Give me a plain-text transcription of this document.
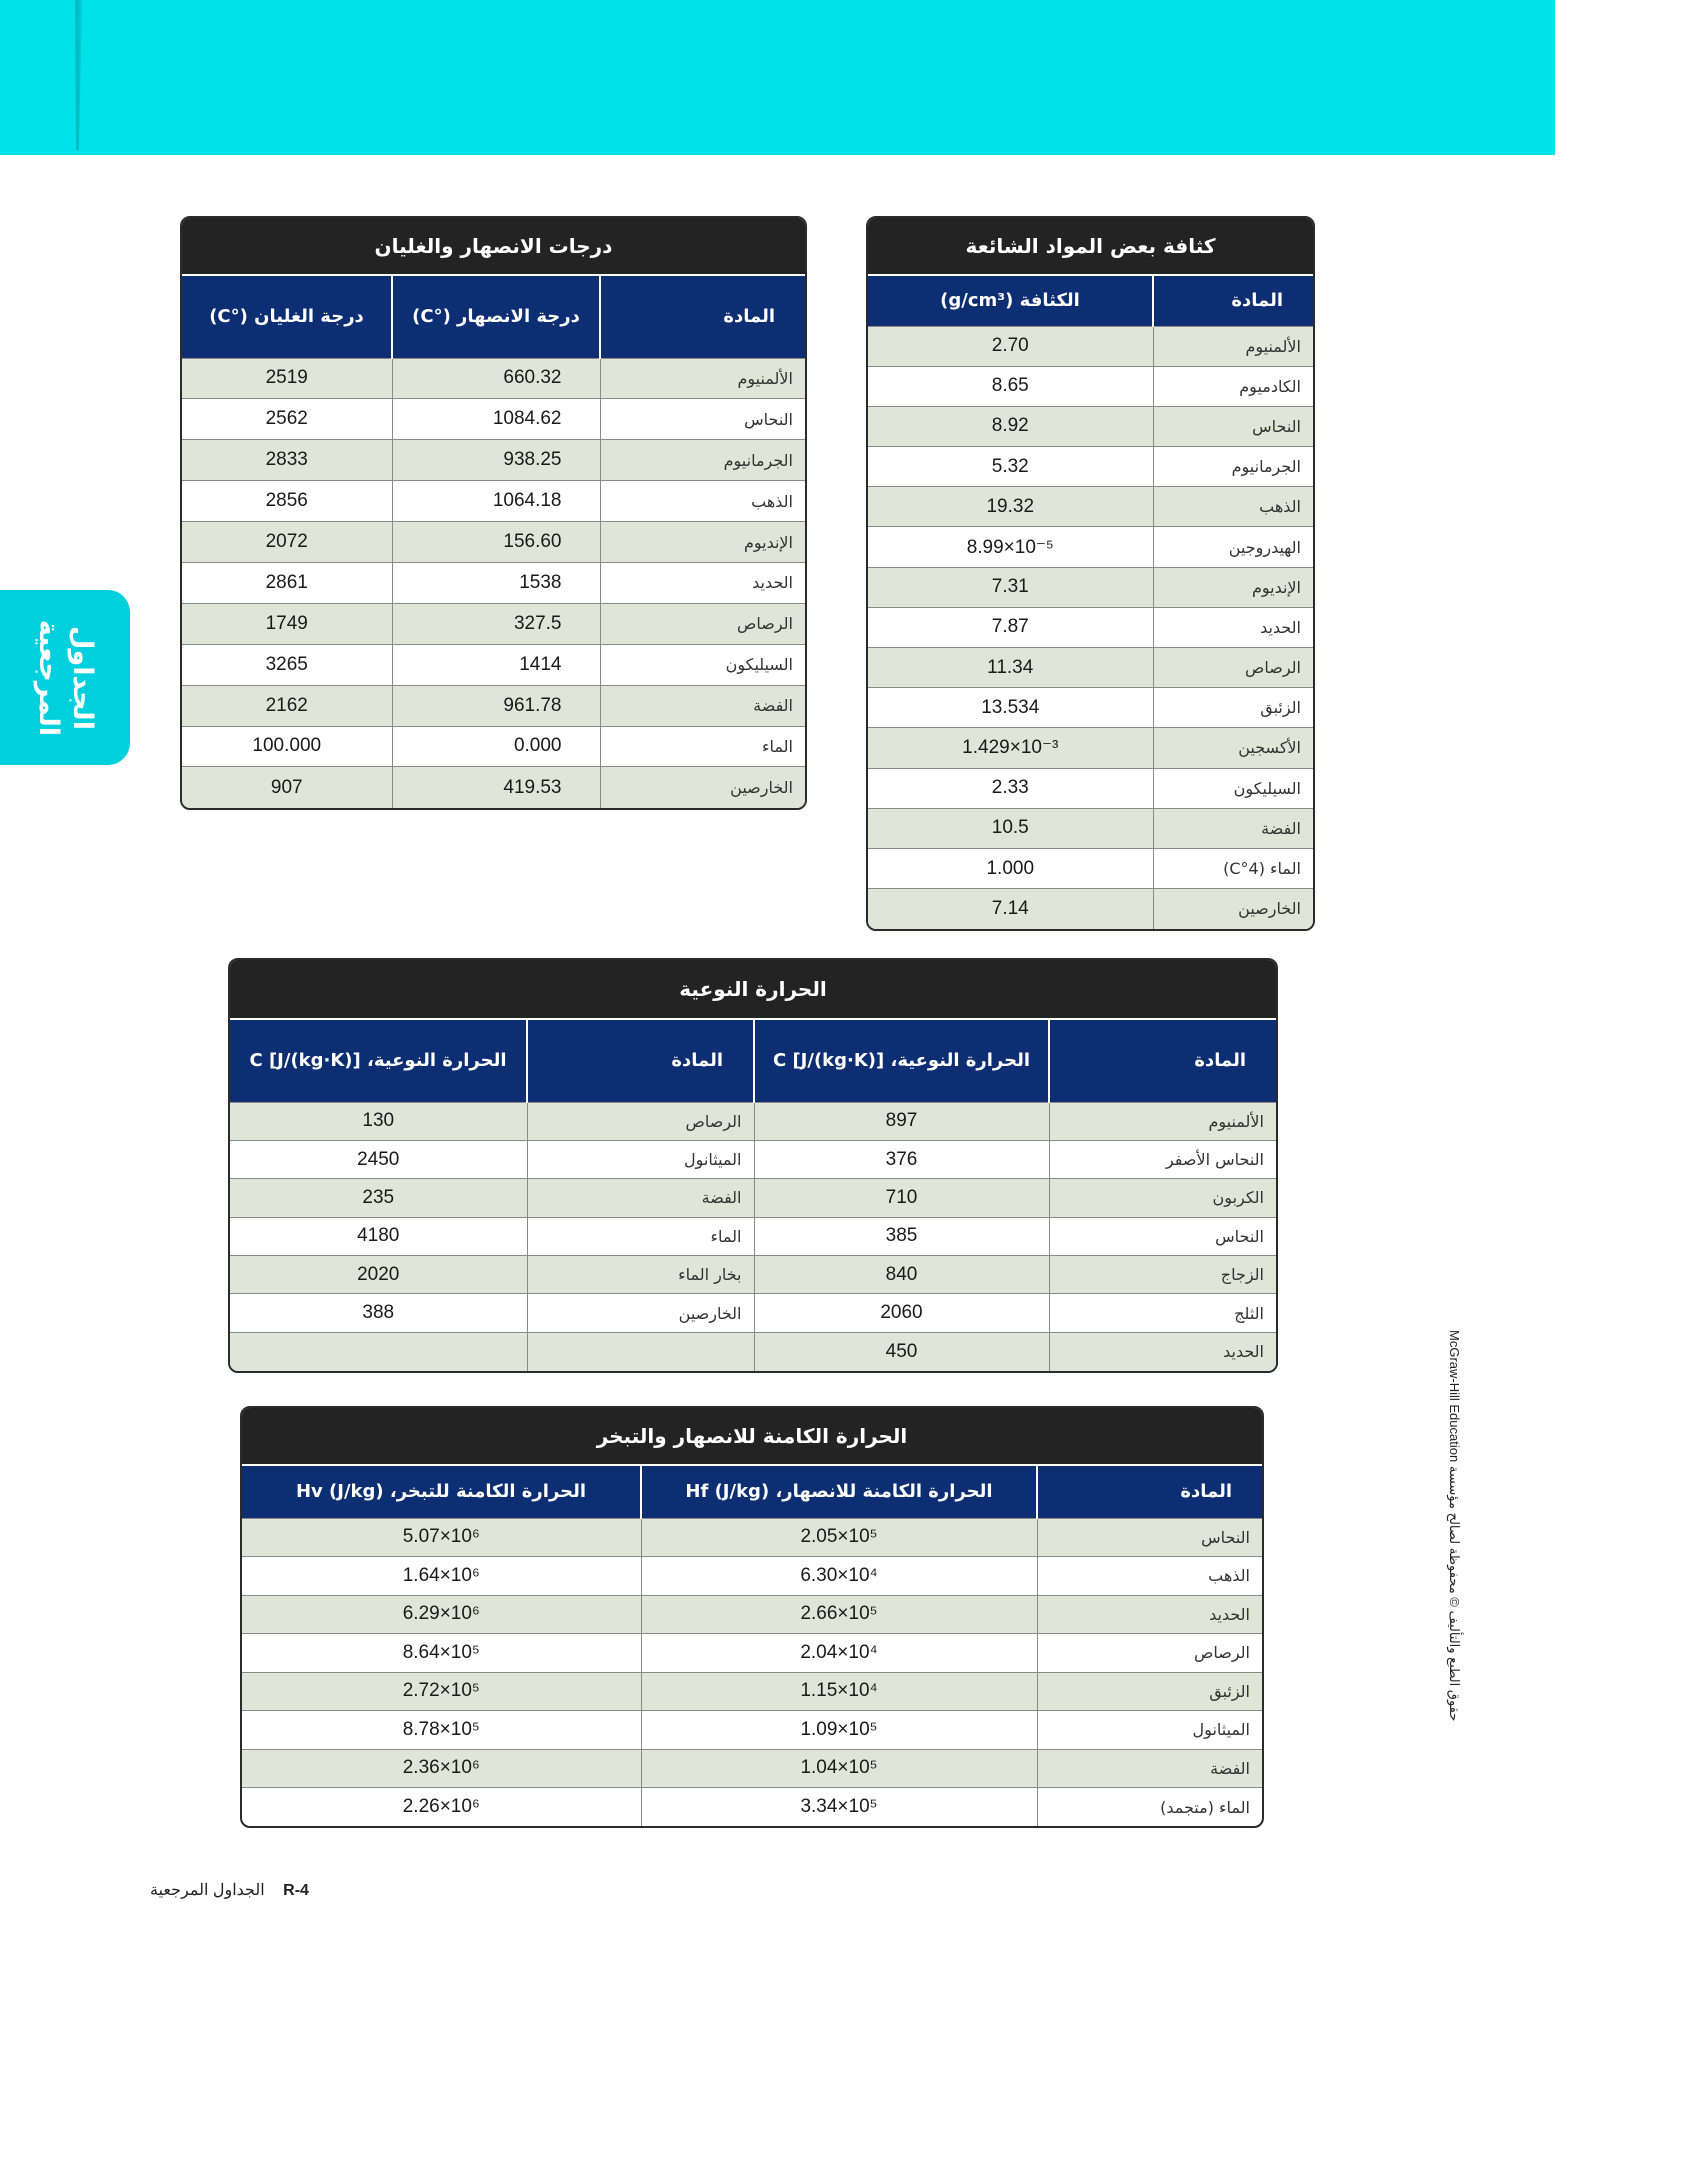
الجداول
المرجعية
حقوق الطبع والتأليف © محفوظة لصالح مؤسسة McGraw-Hill Education
R-4 الجداول المرجعية
كثافة بعض المواد الشائعة
المادة	الكثافة (g/cm³)
الألمنيوم	2.70
الكادميوم	8.65
النحاس	8.92
الجرمانيوم	5.32
الذهب	19.32
الهيدروجين	8.99×10⁻⁵
الإنديوم	7.31
الحديد	7.87
الرصاص	11.34
الزئبق	13.534
الأكسجين	1.429×10⁻³
السيليكون	2.33
الفضة	10.5
الماء (4°C)	1.000
الخارصين	7.14
درجات الانصهار والغليان
المادة	درجة الانصهار (°C)	درجة الغليان (°C)
الألمنيوم	660.32	2519
النحاس	1084.62	2562
الجرمانيوم	938.25	2833
الذهب	1064.18	2856
الإنديوم	156.60	2072
الحديد	1538	2861
الرصاص	327.5	1749
السيليكون	1414	3265
الفضة	961.78	2162
الماء	0.000	100.000
الخارصين	419.53	907
الحرارة النوعية
المادة	الحرارة النوعية، C [J/(kg·K)]	المادة	الحرارة النوعية، C [J/(kg·K)]
الألمنيوم	897	الرصاص	130
النحاس الأصفر	376	الميثانول	2450
الكربون	710	الفضة	235
النحاس	385	الماء	4180
الزجاج	840	بخار الماء	2020
الثلج	2060	الخارصين	388
الحديد	450		
الحرارة الكامنة للانصهار والتبخر
المادة	الحرارة الكامنة للانصهار، Hf (J/kg)	الحرارة الكامنة للتبخر، Hv (J/kg)
النحاس	2.05×10⁵	5.07×10⁶
الذهب	6.30×10⁴	1.64×10⁶
الحديد	2.66×10⁵	6.29×10⁶
الرصاص	2.04×10⁴	8.64×10⁵
الزئبق	1.15×10⁴	2.72×10⁵
الميثانول	1.09×10⁵	8.78×10⁵
الفضة	1.04×10⁵	2.36×10⁶
الماء (متجمد)	3.34×10⁵	2.26×10⁶
